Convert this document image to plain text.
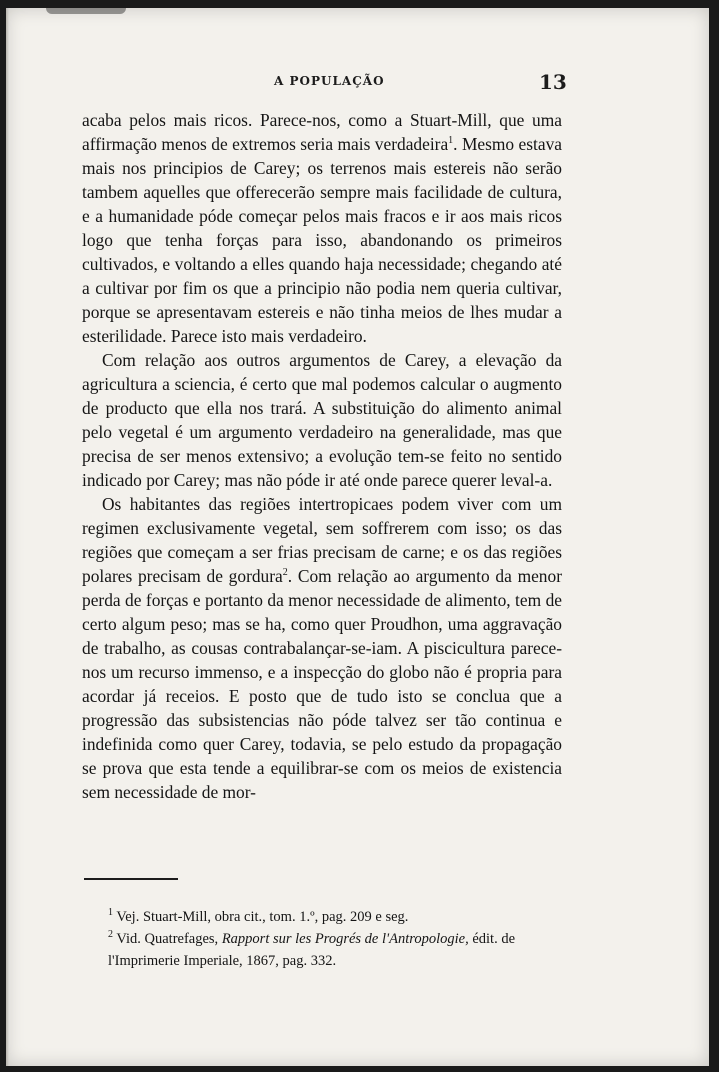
A POPULAÇÃO	13

acaba pelos mais ricos. Parece-nos, como a Stuart-Mill, que uma affirmação menos de extremos seria mais verdadeira$^1$. Mesmo estava mais nos principios de Carey; os terrenos mais estereis não serão tambem aquelles que offerecerão sempre mais facilidade de cultura, e a humanidade póde começar pelos mais fracos e ir aos mais ricos logo que tenha forças para isso, abandonando os primeiros cultivados, e voltando a elles quando haja necessidade; chegando até a cultivar por fim os que a principio não podia nem queria cultivar, porque se apresentavam estereis e não tinha meios de lhes mudar a esterilidade. Parece isto mais verdadeiro.

Com relação aos outros argumentos de Carey, a elevação da agricultura a sciencia, é certo que mal podemos calcular o augmento de producto que ella nos trará. A substituição do alimento animal pelo vegetal é um argumento verdadeiro na generalidade, mas que precisa de ser menos extensivo; a evolução tem-se feito no sentido indicado por Carey; mas não póde ir até onde parece querer leval-a.

Os habitantes das regiões intertropicaes podem viver com um regimen exclusivamente vegetal, sem soffrerem com isso; os das regiões que começam a ser frias precisam de carne; e os das regiões polares precisam de gordura$^2$. Com relação ao argumento da menor perda de forças e portanto da menor necessidade de alimento, tem de certo algum peso; mas se ha, como quer Proudhon, uma aggravação de trabalho, as cousas contrabalançar-se-iam. A piscicultura parece-nos um recurso immenso, e a inspecção do globo não é propria para acordar já receios. E posto que de tudo isto se conclua que a progressão das subsistencias não póde talvez ser tão continua e indefinida como quer Carey, todavia, se pelo estudo da propagação se prova que esta tende a equilibrar-se com os meios de existencia sem necessidade de mor-

$^1$ Vej. Stuart-Mill, obra cit., tom. 1.º, pag. 209 e seg.
$^2$ Vid. Quatrefages, Rapport sur les Progrés de l'Antropologie, édit. de l'Imprimerie Imperiale, 1867, pag. 332.
